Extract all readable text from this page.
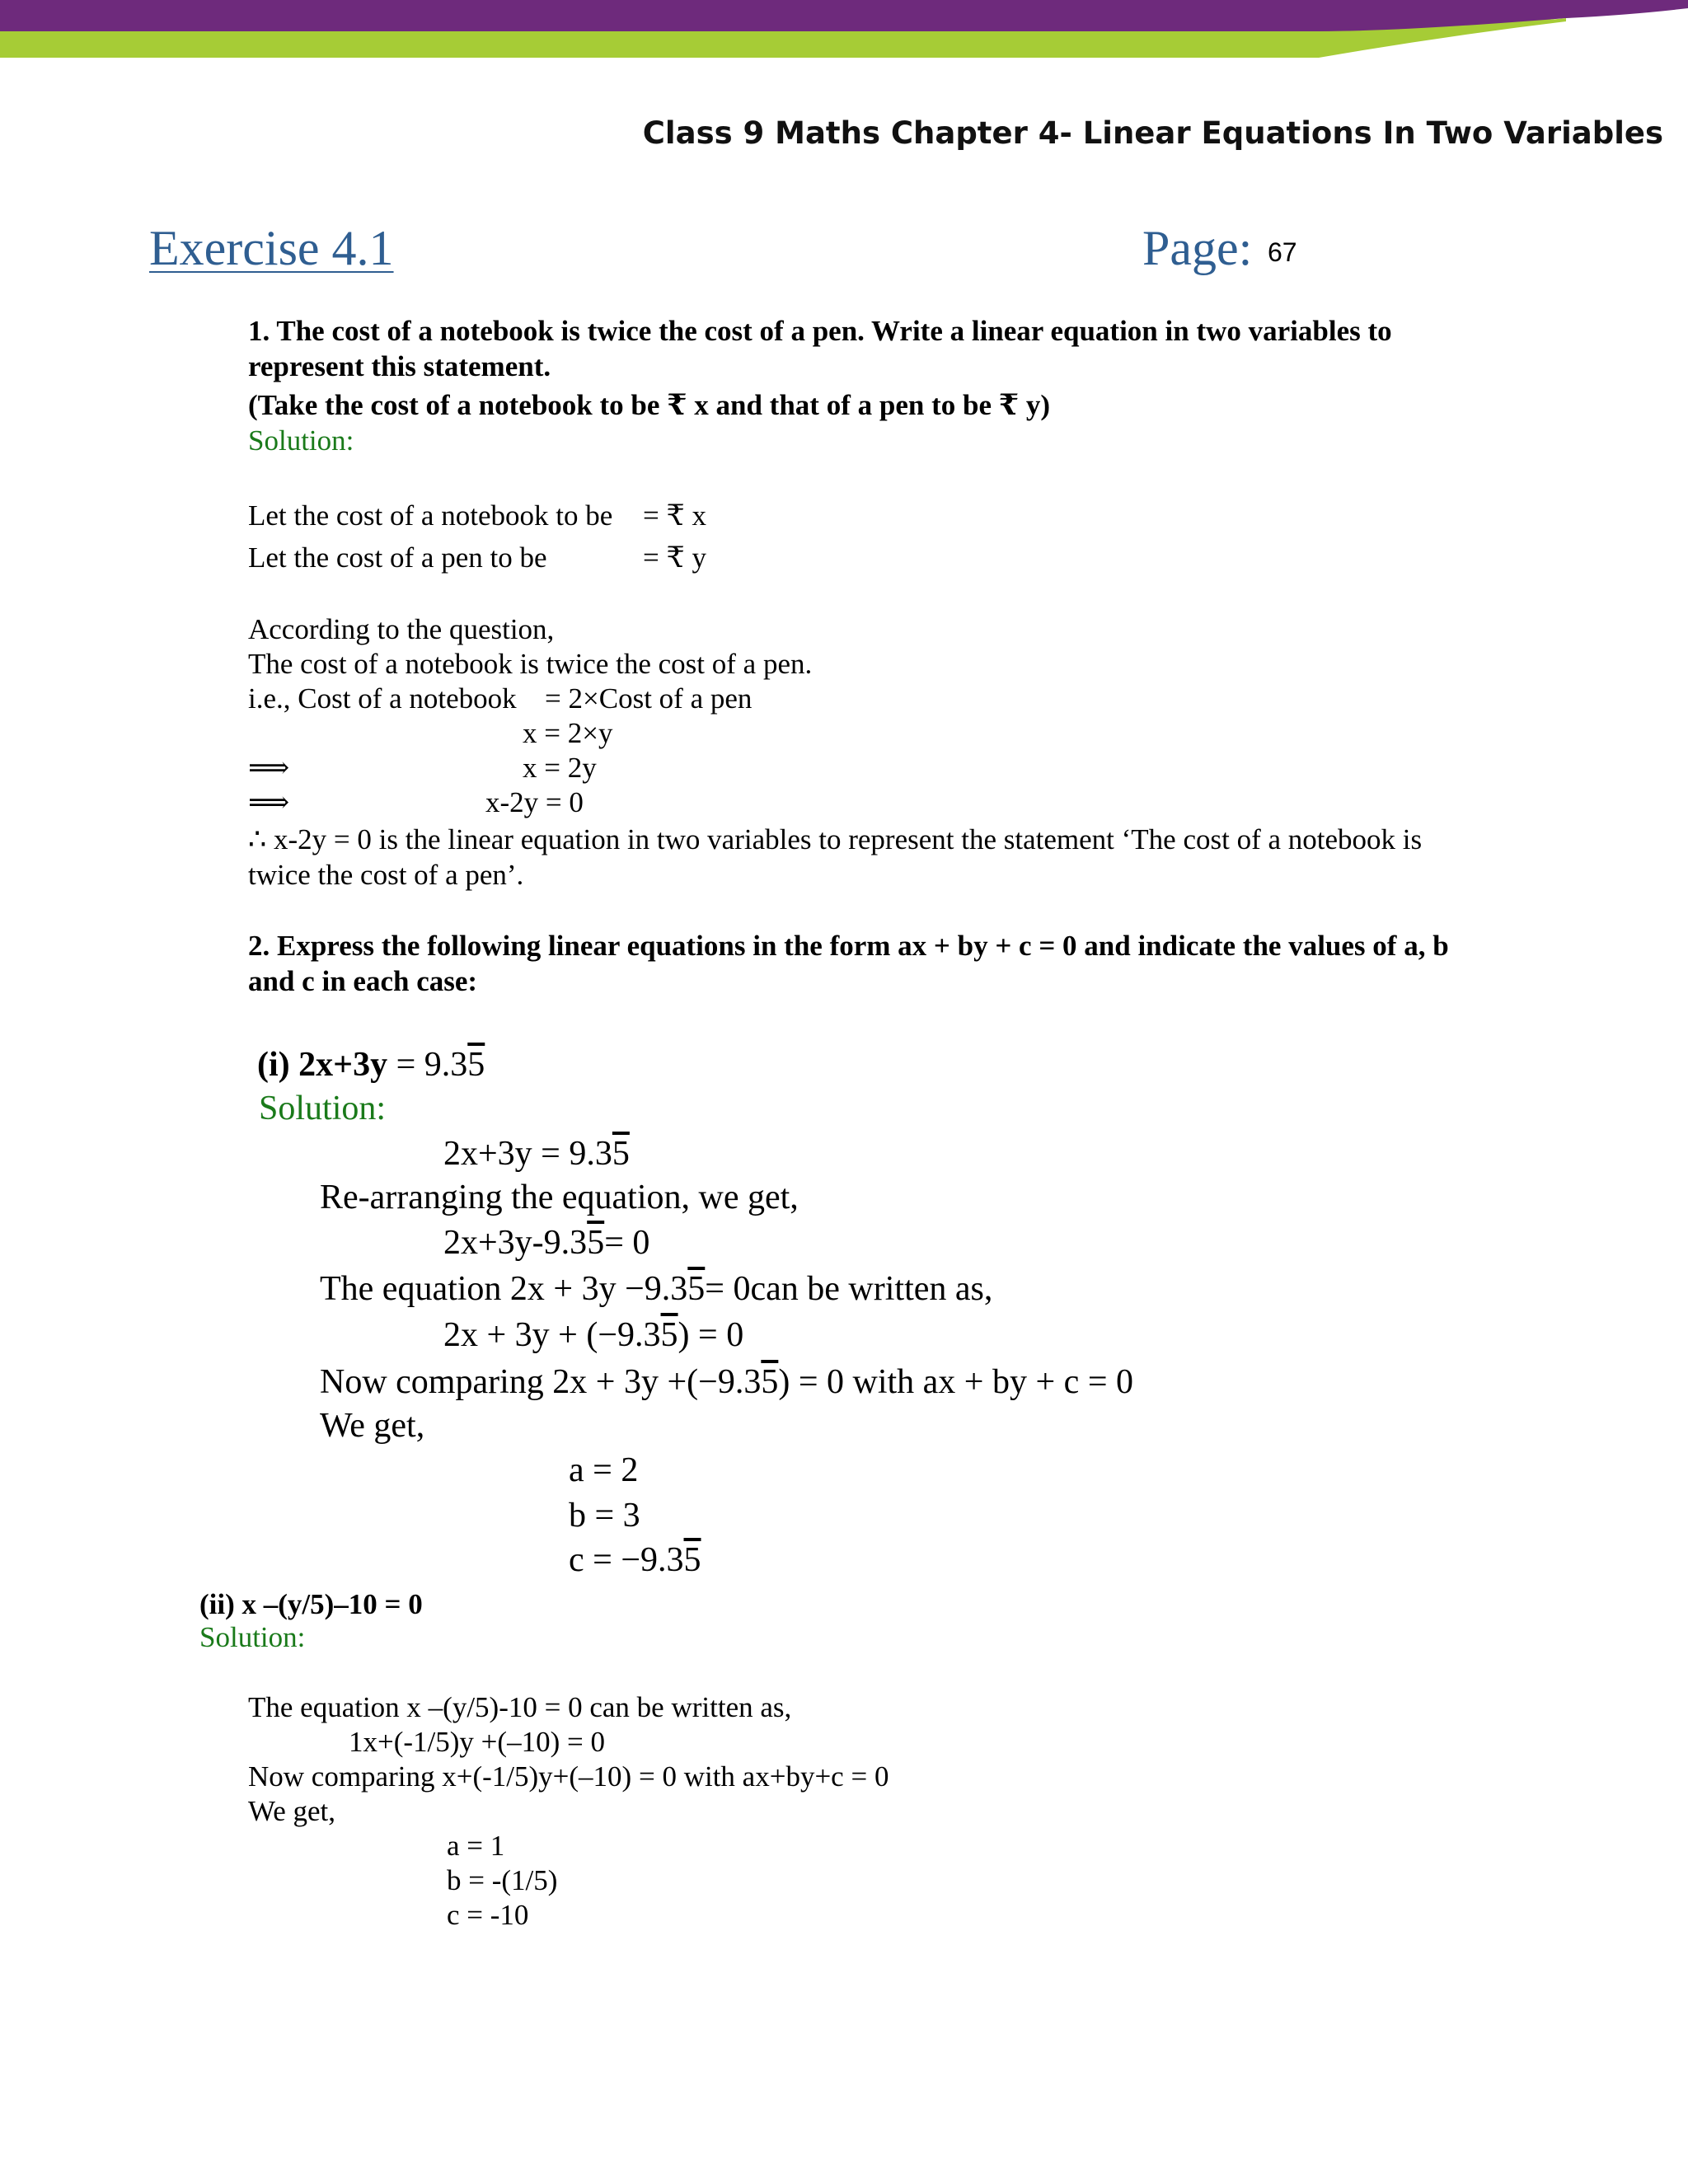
Class 9 Maths Chapter 4- Linear Equations In Two Variables
Exercise 4.1	Page: 67
1. The cost of a notebook is twice the cost of a pen. Write a linear equation in two variables to
represent this statement.
(Take the cost of a notebook to be ₹ x and that of a pen to be ₹ y)
Solution:
Let the cost of a notebook to be = ₹ x
Let the cost of a pen to be	= ₹ y
According to the question,
The cost of a notebook is twice the cost of a pen.
i.e., Cost of a notebook = 2×Cost of a pen
x = 2×y
⟹	x = 2y
⟹	x-2y = 0
∴ x-2y = 0 is the linear equation in two variables to represent the statement ‘The cost of a notebook is
twice the cost of a pen’.
2. Express the following linear equations in the form ax + by + c = 0 and indicate the values of a, b
and c in each case:
(i) 2x+3y = 9.35
Solution:
2x+3y = 9.35
Re-arranging the equation, we get,
2x+3y-9.35= 0
The equation 2x + 3y −9.35= 0can be written as,
2x + 3y + (−9.35) = 0
Now comparing 2x + 3y +(−9.35) = 0 with ax + by + c = 0
We get,
a = 2
b = 3
c = −9.35
(ii) x –(y/5)–10 = 0
Solution:
The equation x –(y/5)-10 = 0 can be written as,
1x+(-1/5)y +(–10) = 0
Now comparing x+(-1/5)y+(–10) = 0 with ax+by+c = 0
We get,
a = 1
b = -(1/5)
c = -10
